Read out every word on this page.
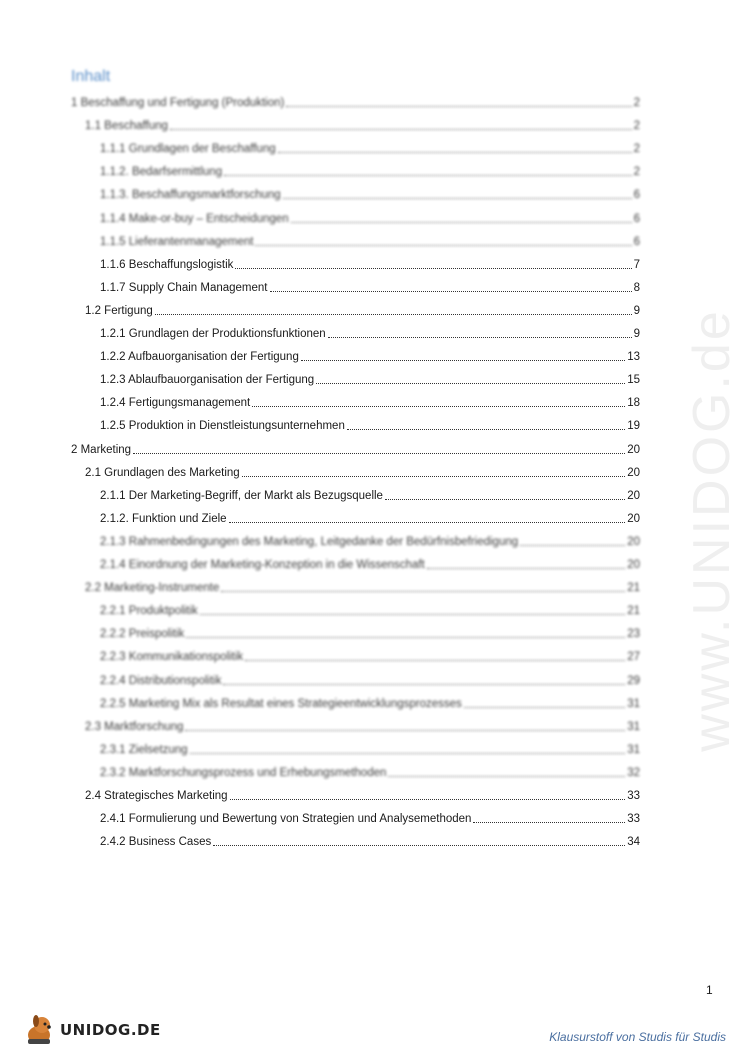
Inhalt
1 Beschaffung und Fertigung (Produktion)	2
1.1 Beschaffung	2
1.1.1 Grundlagen der Beschaffung	2
1.1.2. Bedarfsermittlung	2
1.1.3. Beschaffungsmarktforschung	6
1.1.4 Make-or-buy – Entscheidungen	6
1.1.5 Lieferantenmanagement	6
1.1.6 Beschaffungslogistik	7
1.1.7 Supply Chain Management	8
1.2 Fertigung	9
1.2.1 Grundlagen der Produktionsfunktionen	9
1.2.2 Aufbauorganisation der Fertigung	13
1.2.3 Ablaufbauorganisation der Fertigung	15
1.2.4 Fertigungsmanagement	18
1.2.5 Produktion in Dienstleistungsunternehmen	19
2 Marketing	20
2.1 Grundlagen des Marketing	20
2.1.1 Der Marketing-Begriff, der Markt als Bezugsquelle	20
2.1.2. Funktion und Ziele	20
2.1.3 Rahmenbedingungen des Marketing, Leitgedanke der Bedürfnisbefriedigung	20
2.1.4 Einordnung der Marketing-Konzeption in die Wissenschaft	20
2.2 Marketing-Instrumente	21
2.2.1 Produktpolitik	21
2.2.2 Preispolitik	23
2.2.3 Kommunikationspolitik	27
2.2.4 Distributionspolitik	29
2.2.5 Marketing Mix als Resultat eines Strategieentwicklungsprozesses	31
2.3 Marktforschung	31
2.3.1 Zielsetzung	31
2.3.2 Marktforschungsprozess und Erhebungsmethoden	32
2.4 Strategisches Marketing	33
2.4.1 Formulierung und Bewertung von Strategien und Analysemethoden	33
2.4.2 Business Cases	34
www.UNIDOG.de
1
UNIDOG.DE	Klausurstoff von Studis für Studis
